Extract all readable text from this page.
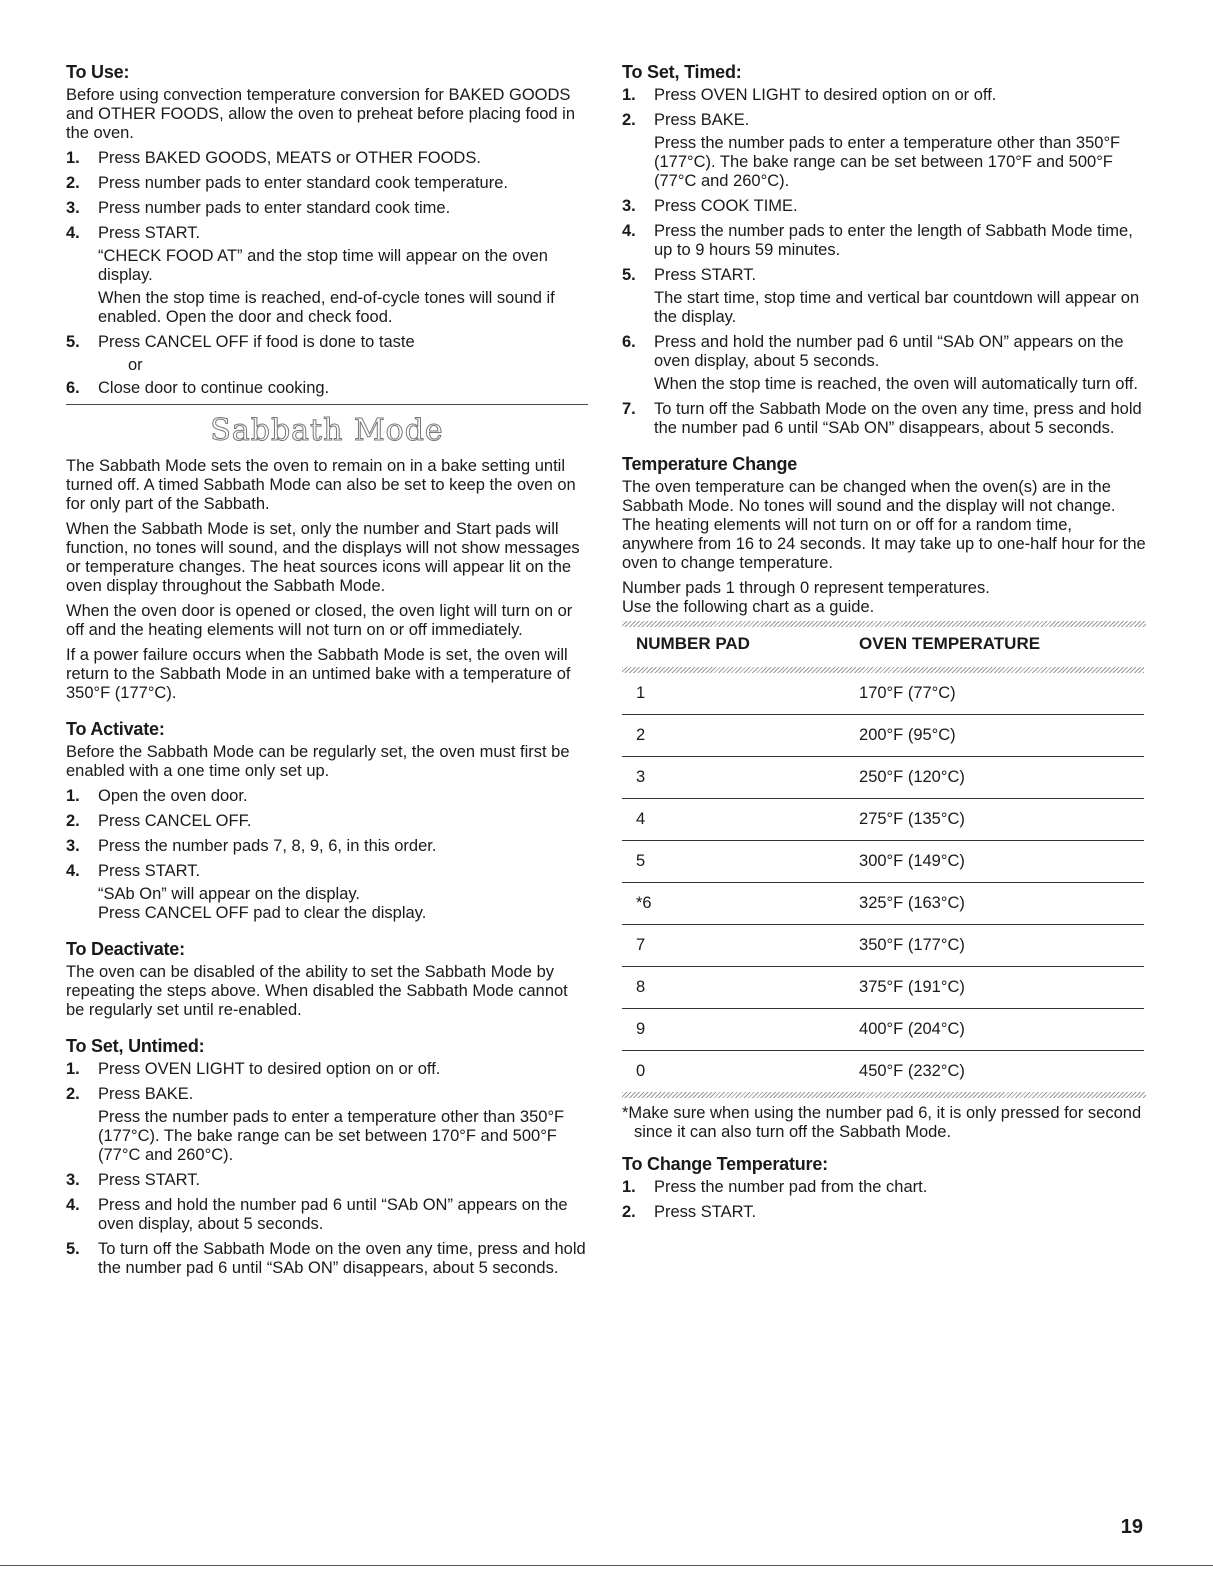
To Use:

Before using convection temperature conversion for BAKED GOODS and OTHER FOODS, allow the oven to preheat before placing food in the oven.

1.	Press BAKED GOODS, MEATS or OTHER FOODS.
2.	Press number pads to enter standard cook temperature.
3.	Press number pads to enter standard cook time.
4.	Press START.
“CHECK FOOD AT” and the stop time will appear on the oven display.
When the stop time is reached, end-of-cycle tones will sound if enabled. Open the door and check food.
5.	Press CANCEL OFF if food is done to taste
or
6.	Close door to continue cooking.
Sabbath Mode

The Sabbath Mode sets the oven to remain on in a bake setting until turned off. A timed Sabbath Mode can also be set to keep the oven on for only part of the Sabbath.

When the Sabbath Mode is set, only the number and Start pads will function, no tones will sound, and the displays will not show messages or temperature changes. The heat sources icons will appear lit on the oven display throughout the Sabbath Mode.

When the oven door is opened or closed, the oven light will turn on or off and the heating elements will not turn on or off immediately.

If a power failure occurs when the Sabbath Mode is set, the oven will return to the Sabbath Mode in an untimed bake with a temperature of 350°F (177°C).

To Activate:

Before the Sabbath Mode can be regularly set, the oven must first be enabled with a one time only set up.

1.	Open the oven door.
2.	Press CANCEL OFF.
3.	Press the number pads 7, 8, 9, 6, in this order.
4.	Press START.
“SAb On” will appear on the display.
Press CANCEL OFF pad to clear the display.
To Deactivate:

The oven can be disabled of the ability to set the Sabbath Mode by repeating the steps above. When disabled the Sabbath Mode cannot be regularly set until re-enabled.

To Set, Untimed:
1.	Press OVEN LIGHT to desired option on or off.
2.	Press BAKE.
Press the number pads to enter a temperature other than 350°F (177°C). The bake range can be set between 170°F and 500°F (77°C and 260°C).
3.	Press START.
4.	Press and hold the number pad 6 until “SAb ON” appears on the oven display, about 5 seconds.
5.	To turn off the Sabbath Mode on the oven any time, press and hold the number pad 6 until “SAb ON” disappears, about 5 seconds.
To Set, Timed:
1.	Press OVEN LIGHT to desired option on or off.
2.	Press BAKE.
Press the number pads to enter a temperature other than 350°F (177°C). The bake range can be set between 170°F and 500°F (77°C and 260°C).
3.	Press COOK TIME.
4.	Press the number pads to enter the length of Sabbath Mode time, up to 9 hours 59 minutes.
5.	Press START.
The start time, stop time and vertical bar countdown will appear on the display.
6.	Press and hold the number pad 6 until “SAb ON” appears on the oven display, about 5 seconds.
When the stop time is reached, the oven will automatically turn off.
7.	To turn off the Sabbath Mode on the oven any time, press and hold the number pad 6 until “SAb ON” disappears, about 5 seconds.
Temperature Change

The oven temperature can be changed when the oven(s) are in the Sabbath Mode. No tones will sound and the display will not change. The heating elements will not turn on or off for a random time, anywhere from 16 to 24 seconds. It may take up to one-half hour for the oven to change temperature.

Number pads 1 through 0 represent temperatures.
Use the following chart as a guide.
NUMBER PAD	OVEN TEMPERATURE

1	170°F (77°C)
2	200°F (95°C)
3	250°F (120°C)
4	275°F (135°C)
5	300°F (149°C)
*6	325°F (163°C)
7	350°F (177°C)
8	375°F (191°C)
9	400°F (204°C)
0	450°F (232°C)
*Make sure when using the number pad 6, it is only pressed for second since it can also turn off the Sabbath Mode.
To Change Temperature:
1.	Press the number pad from the chart.
2.	Press START.
19
